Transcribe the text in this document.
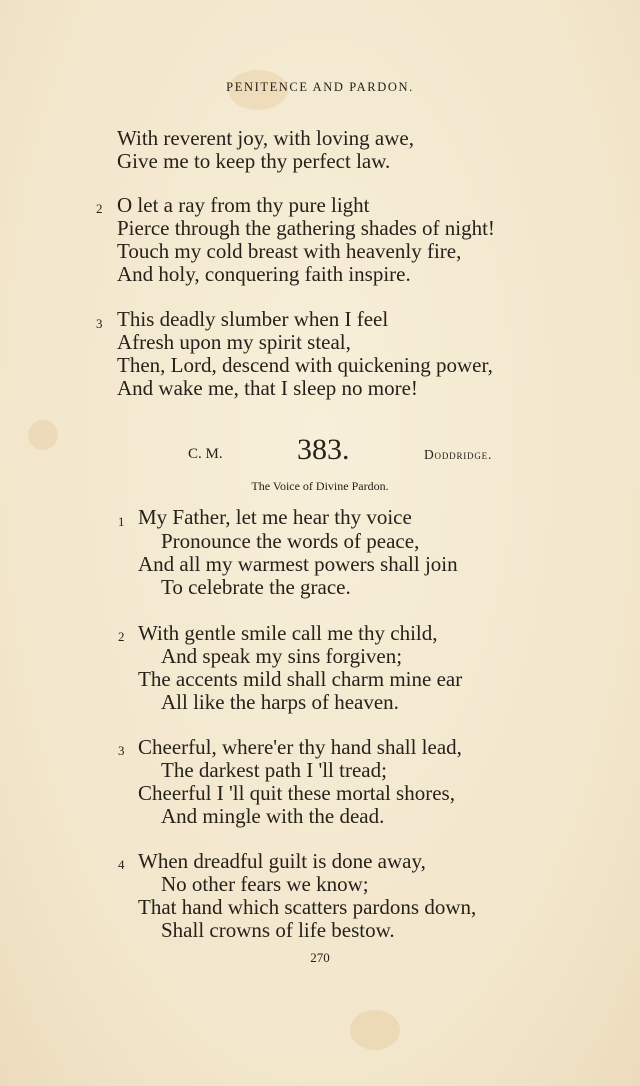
PENITENCE AND PARDON.
With reverent joy, with loving awe,
Give me to keep thy perfect law.
2 O let a ray from thy pure light
Pierce through the gathering shades of night!
Touch my cold breast with heavenly fire,
And holy, conquering faith inspire.
3 This deadly slumber when I feel
Afresh upon my spirit steal,
Then, Lord, descend with quickening power,
And wake me, that I sleep no more!
C. M. 383.	Doddridge.
The Voice of Divine Pardon.
1 My Father, let me hear thy voice
Pronounce the words of peace,
And all my warmest powers shall join
To celebrate the grace.
2 With gentle smile call me thy child,
And speak my sins forgiven;
The accents mild shall charm mine ear
All like the harps of heaven.
3 Cheerful, where'er thy hand shall lead,
The darkest path I 'll tread;
Cheerful I 'll quit these mortal shores,
And mingle with the dead.
4 When dreadful guilt is done away,
No other fears we know;
That hand which scatters pardons down,
Shall crowns of life bestow.
270
